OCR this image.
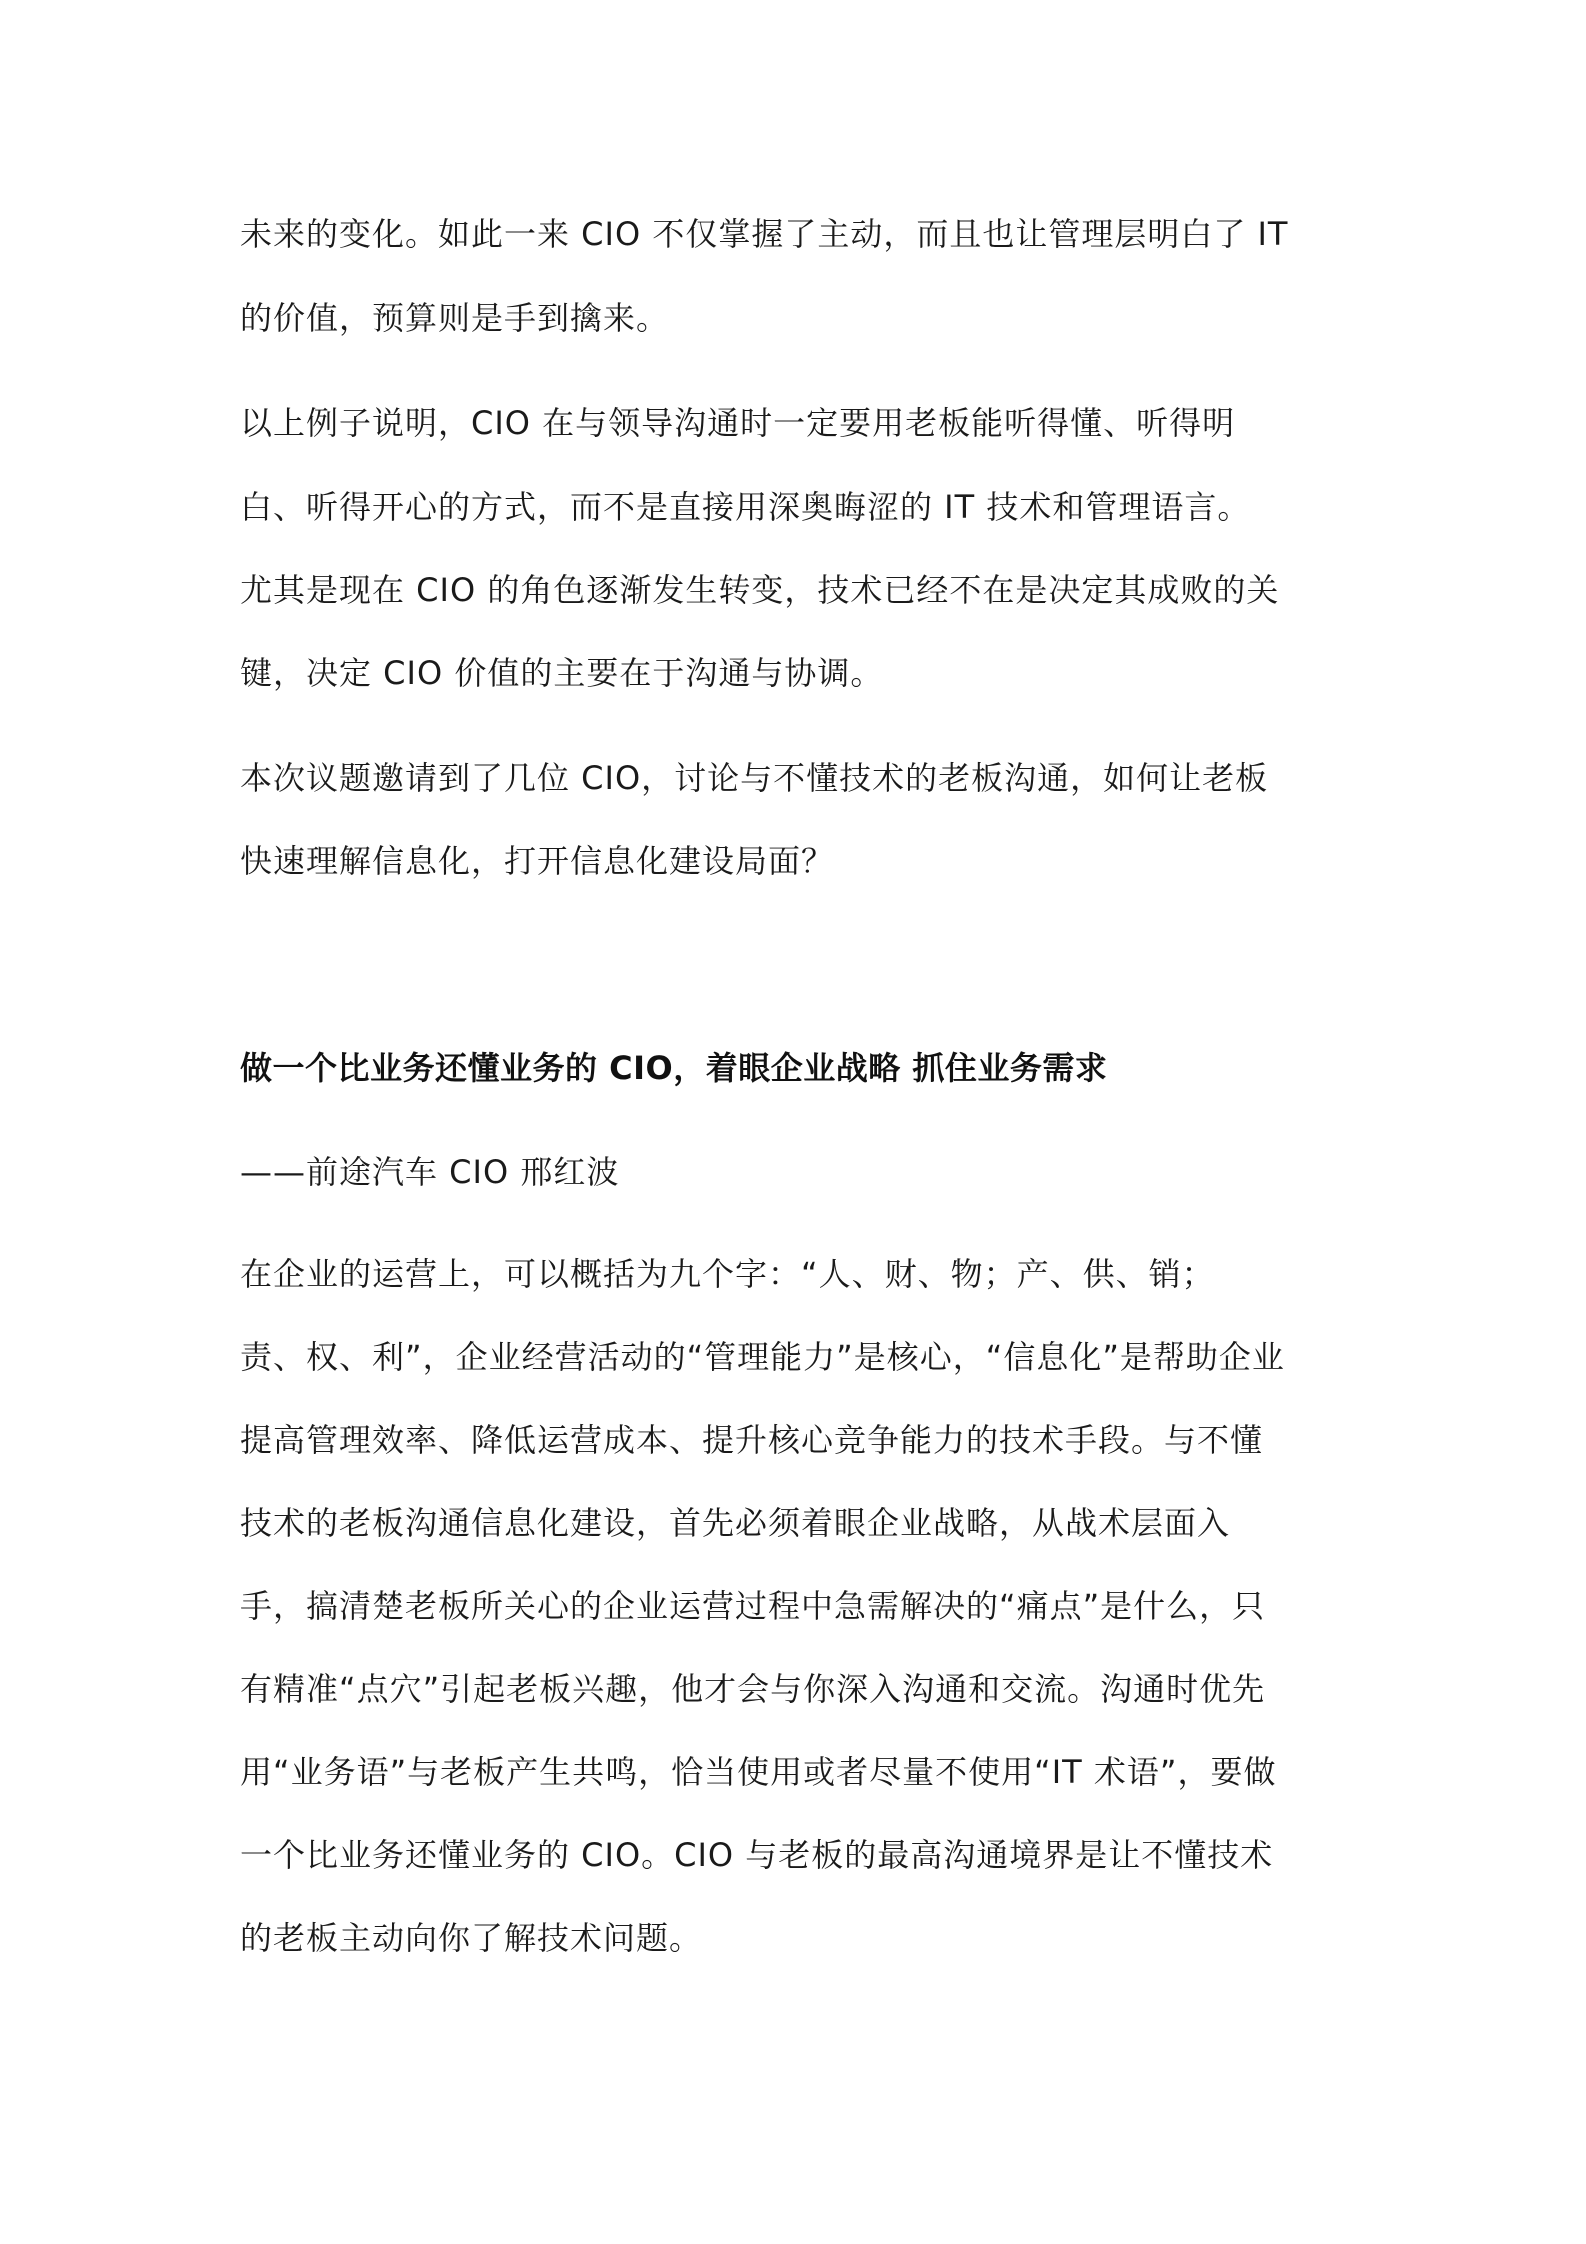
未来的变化。如此一来 CIO 不仅掌握了主动，而且也让管理层明白了 IT
的价值，预算则是手到擒来。
以上例子说明，CIO 在与领导沟通时一定要用老板能听得懂、听得明
白、听得开心的方式，而不是直接用深奥晦涩的 IT 技术和管理语言。
尤其是现在 CIO 的角色逐渐发生转变，技术已经不在是决定其成败的关
键，决定 CIO 价值的主要在于沟通与协调。
本次议题邀请到了几位 CIO，讨论与不懂技术的老板沟通，如何让老板
快速理解信息化，打开信息化建设局面？
做一个比业务还懂业务的 CIO，着眼企业战略 抓住业务需求
——前途汽车 CIO 邢红波
在企业的运营上，可以概括为九个字：“人、财、物；产、供、销；
责、权、利”，企业经营活动的“管理能力”是核心，“信息化”是帮助企业
提高管理效率、降低运营成本、提升核心竞争能力的技术手段。与不懂
技术的老板沟通信息化建设，首先必须着眼企业战略，从战术层面入
手，搞清楚老板所关心的企业运营过程中急需解决的“痛点”是什么，只
有精准“点穴”引起老板兴趣，他才会与你深入沟通和交流。沟通时优先
用“业务语”与老板产生共鸣，恰当使用或者尽量不使用“IT 术语”，要做
一个比业务还懂业务的 CIO。CIO 与老板的最高沟通境界是让不懂技术
的老板主动向你了解技术问题。
